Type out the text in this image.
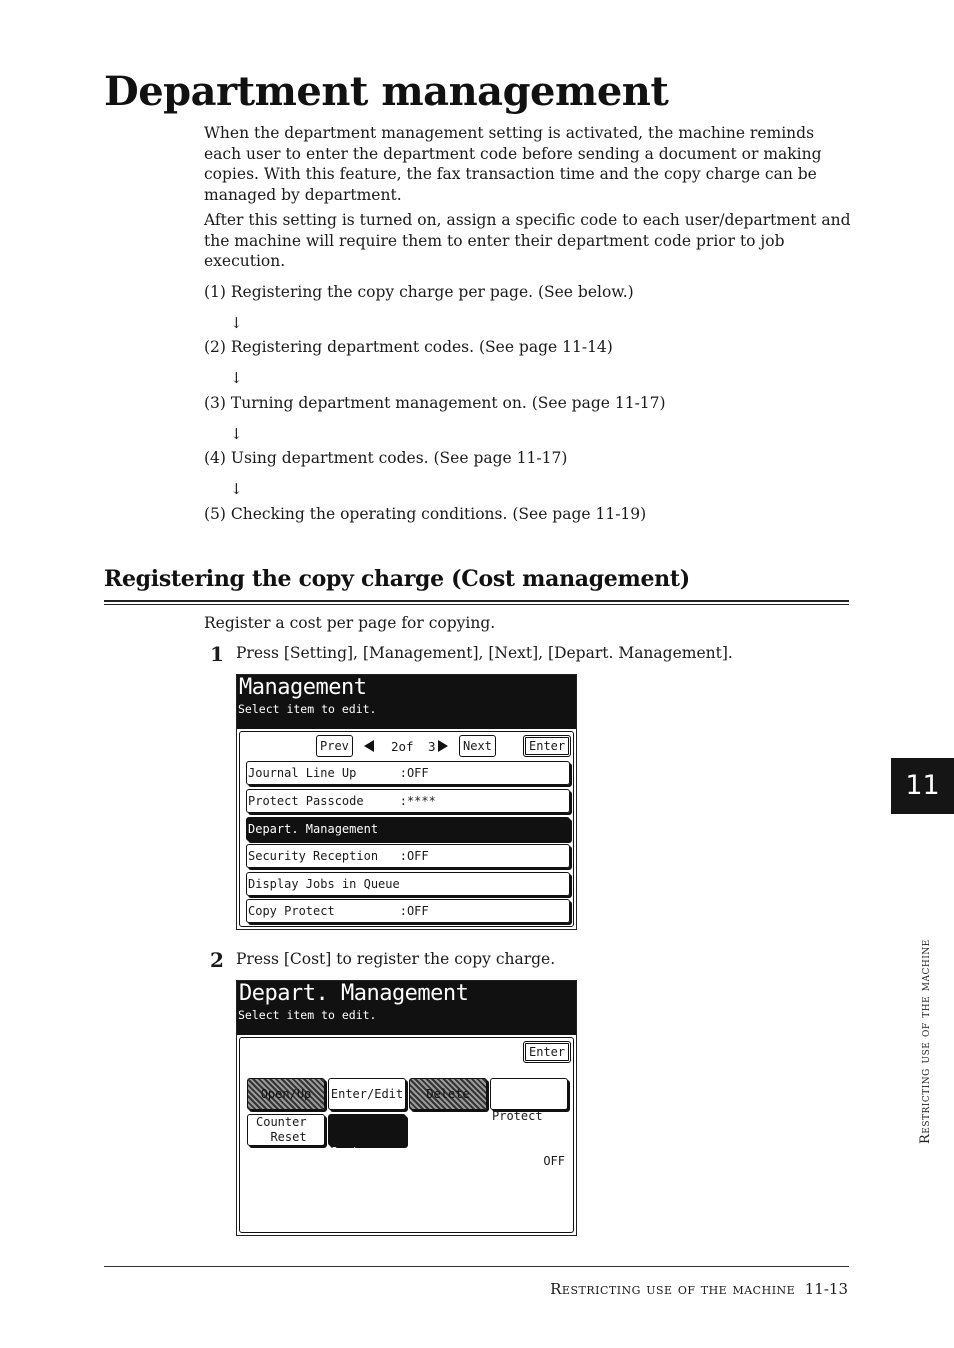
Department management

When the department management setting is activated, the machine reminds each user to enter the department code before sending a document or making copies. With this feature, the fax transaction time and the copy charge can be managed by department.

After this setting is turned on, assign a specific code to each user/department and the machine will require them to enter their department code prior to job execution.

(1) Registering the copy charge per page. (See below.)
↓
(2) Registering department codes. (See page 11-14)
↓
(3) Turning department management on. (See page 11-17)
↓
(4) Using department codes. (See page 11-17)
↓
(5) Checking the operating conditions. (See page 11-19)
Registering the copy charge (Cost management)
Register a cost per page for copying.
1 Press [Setting], [Management], [Next], [Depart. Management].
Management
Select item to edit.
Prev	2of 3	Next	Enter
Journal Line Up      :OFF
Protect Passcode     :****
Depart. Management
Security Reception   :OFF
Display Jobs in Queue
Copy Protect         :OFF
2 Press [Cost] to register the copy charge.
Depart. Management
Select item to edit.
Enter
Open/Up	Enter/Edit	Delete

Protect

OFF

Counter
Reset

Cost

$ 0.00

11
Restricting use of the machine
Restricting use of the machine 11-13
